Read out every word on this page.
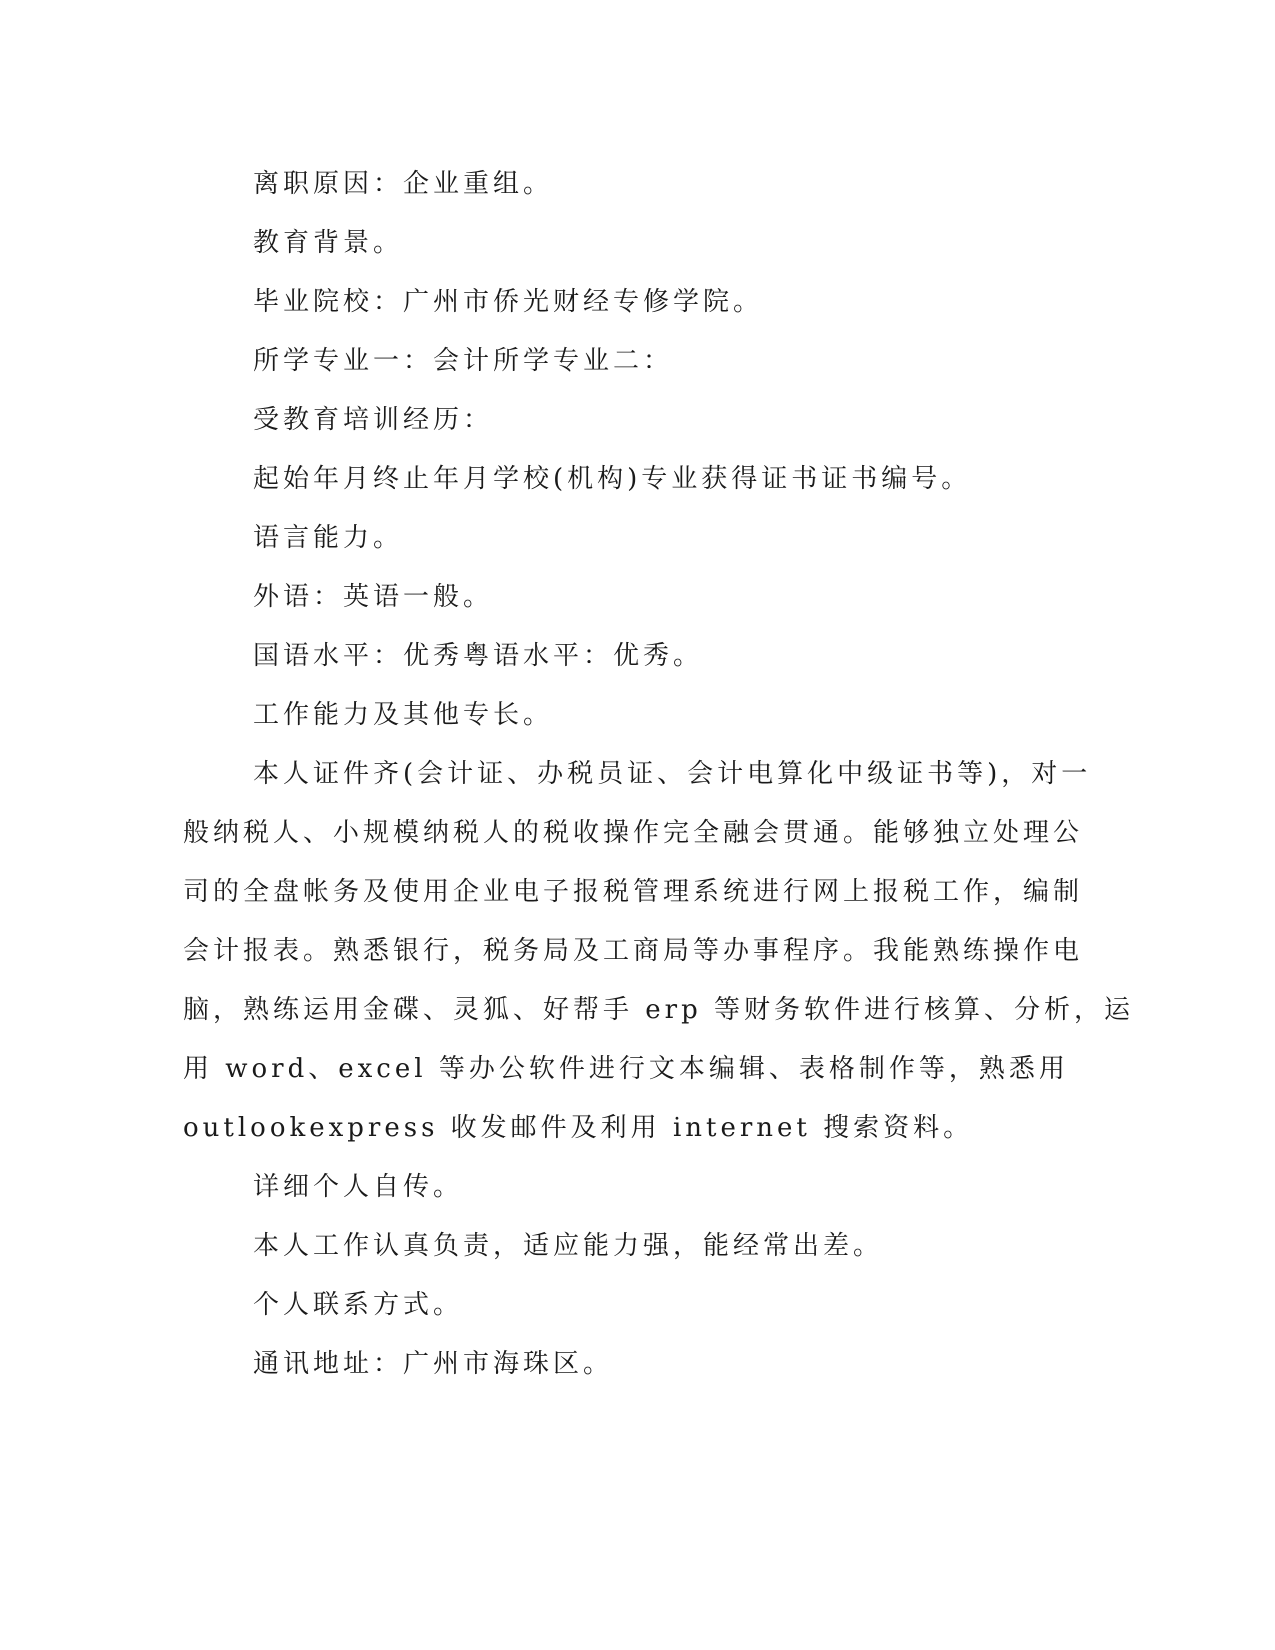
离职原因：企业重组。
教育背景。
毕业院校：广州市侨光财经专修学院。
所学专业一：会计所学专业二：
受教育培训经历：
起始年月终止年月学校(机构)专业获得证书证书编号。
语言能力。
外语：英语一般。
国语水平：优秀粤语水平：优秀。
工作能力及其他专长。
本人证件齐(会计证、办税员证、会计电算化中级证书等)，对一
般纳税人、小规模纳税人的税收操作完全融会贯通。能够独立处理公
司的全盘帐务及使用企业电子报税管理系统进行网上报税工作，编制
会计报表。熟悉银行，税务局及工商局等办事程序。我能熟练操作电
脑，熟练运用金碟、灵狐、好帮手 erp 等财务软件进行核算、分析，运
用 word、excel 等办公软件进行文本编辑、表格制作等，熟悉用
outlookexpress 收发邮件及利用 internet 搜索资料。
详细个人自传。
本人工作认真负责，适应能力强，能经常出差。
个人联系方式。
通讯地址：广州市海珠区。
